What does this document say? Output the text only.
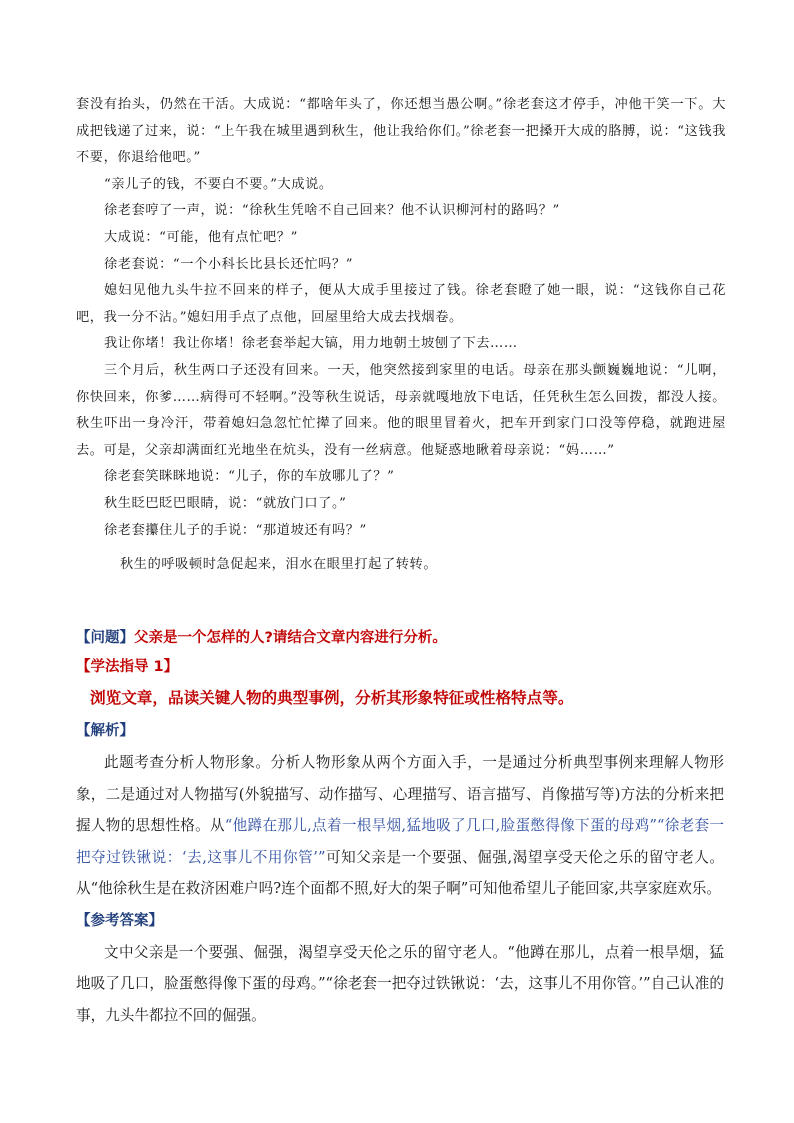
套没有抬头，仍然在干活。大成说：“都啥年头了，你还想当愚公啊。”徐老套这才停手，冲他干笑一下。大成把钱递了过来，说：“上午我在城里遇到秋生，他让我给你们。”徐老套一把搡开大成的胳膊，说：“这钱我不要，你退给他吧。”

“亲儿子的钱，不要白不要。”大成说。

徐老套哼了一声，说：“徐秋生凭啥不自己回来？他不认识柳河村的路吗？”

大成说：“可能，他有点忙吧？”

徐老套说：“一个小科长比县长还忙吗？”

媳妇见他九头牛拉不回来的样子，便从大成手里接过了钱。徐老套瞪了她一眼，说：“这钱你自己花吧，我一分不沾。”媳妇用手点了点他，回屋里给大成去找烟卷。

我让你堵！我让你堵！徐老套举起大镐，用力地朝土坡刨了下去……

三个月后，秋生两口子还没有回来。一天，他突然接到家里的电话。母亲在那头颤巍巍地说：“儿啊，你快回来，你爹……病得可不轻啊。”没等秋生说话，母亲就嘎地放下电话，任凭秋生怎么回拨，都没人接。秋生吓出一身冷汗，带着媳妇急忽忙忙撵了回来。他的眼里冒着火，把车开到家门口没等停稳，就跑进屋去。可是，父亲却满面红光地坐在炕头，没有一丝病意。他疑惑地瞅着母亲说：“妈……”

徐老套笑眯眯地说：“儿子，你的车放哪儿了？”

秋生眨巴眨巴眼睛，说：“就放门口了。”

徐老套攥住儿子的手说：“那道坡还有吗？”

秋生的呼吸顿时急促起来，泪水在眼里打起了转转。

【问题】父亲是一个怎样的人?请结合文章内容进行分析。
【学法指导 1】
浏览文章，品读关键人物的典型事例，分析其形象特征或性格特点等。
【解析】

此题考查分析人物形象。分析人物形象从两个方面入手，一是通过分析典型事例来理解人物形象，二是通过对人物描写(外貌描写、动作描写、心理描写、语言描写、肖像描写等)方法的分析来把握人物的思想性格。从“他蹲在那儿,点着一根旱烟,猛地吸了几口,脸蛋憋得像下蛋的母鸡”“徐老套一把夺过铁锹说：‘去,这事儿不用你管’”可知父亲是一个要强、倔强,渴望享受天伦之乐的留守老人。从“他徐秋生是在救济困难户吗?连个面都不照,好大的架子啊”可知他希望儿子能回家,共享家庭欢乐。

【参考答案】

文中父亲是一个要强、倔强，渴望享受天伦之乐的留守老人。“他蹲在那儿，点着一根旱烟，猛地吸了几口，脸蛋憋得像下蛋的母鸡。”“徐老套一把夺过铁锹说：‘去，这事儿不用你管。’”自己认准的事，九头牛都拉不回的倔强。
